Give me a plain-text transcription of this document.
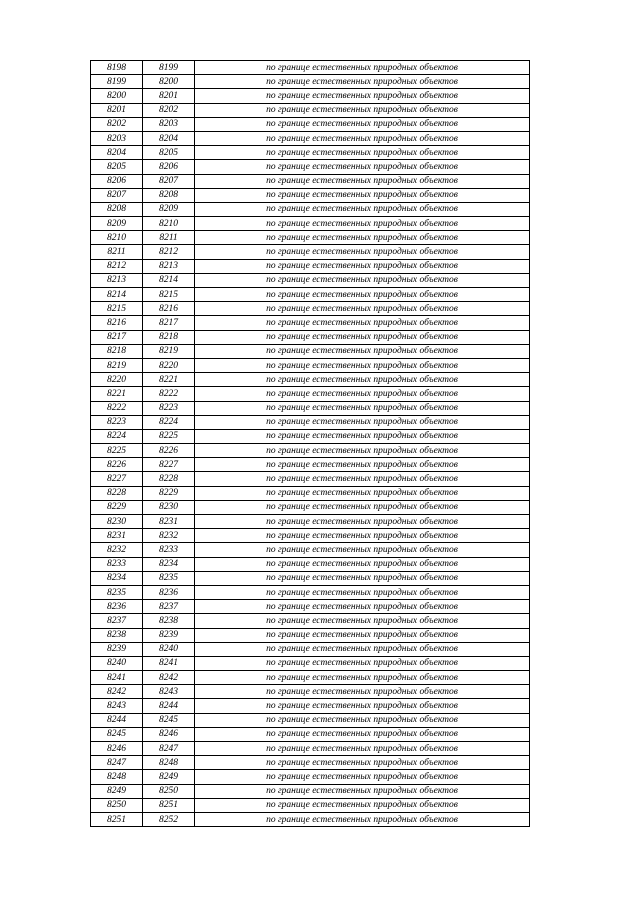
8198	8199	по границе естественных природных объектов
8199	8200	по границе естественных природных объектов
8200	8201	по границе естественных природных объектов
8201	8202	по границе естественных природных объектов
8202	8203	по границе естественных природных объектов
8203	8204	по границе естественных природных объектов
8204	8205	по границе естественных природных объектов
8205	8206	по границе естественных природных объектов
8206	8207	по границе естественных природных объектов
8207	8208	по границе естественных природных объектов
8208	8209	по границе естественных природных объектов
8209	8210	по границе естественных природных объектов
8210	8211	по границе естественных природных объектов
8211	8212	по границе естественных природных объектов
8212	8213	по границе естественных природных объектов
8213	8214	по границе естественных природных объектов
8214	8215	по границе естественных природных объектов
8215	8216	по границе естественных природных объектов
8216	8217	по границе естественных природных объектов
8217	8218	по границе естественных природных объектов
8218	8219	по границе естественных природных объектов
8219	8220	по границе естественных природных объектов
8220	8221	по границе естественных природных объектов
8221	8222	по границе естественных природных объектов
8222	8223	по границе естественных природных объектов
8223	8224	по границе естественных природных объектов
8224	8225	по границе естественных природных объектов
8225	8226	по границе естественных природных объектов
8226	8227	по границе естественных природных объектов
8227	8228	по границе естественных природных объектов
8228	8229	по границе естественных природных объектов
8229	8230	по границе естественных природных объектов
8230	8231	по границе естественных природных объектов
8231	8232	по границе естественных природных объектов
8232	8233	по границе естественных природных объектов
8233	8234	по границе естественных природных объектов
8234	8235	по границе естественных природных объектов
8235	8236	по границе естественных природных объектов
8236	8237	по границе естественных природных объектов
8237	8238	по границе естественных природных объектов
8238	8239	по границе естественных природных объектов
8239	8240	по границе естественных природных объектов
8240	8241	по границе естественных природных объектов
8241	8242	по границе естественных природных объектов
8242	8243	по границе естественных природных объектов
8243	8244	по границе естественных природных объектов
8244	8245	по границе естественных природных объектов
8245	8246	по границе естественных природных объектов
8246	8247	по границе естественных природных объектов
8247	8248	по границе естественных природных объектов
8248	8249	по границе естественных природных объектов
8249	8250	по границе естественных природных объектов
8250	8251	по границе естественных природных объектов
8251	8252	по границе естественных природных объектов
